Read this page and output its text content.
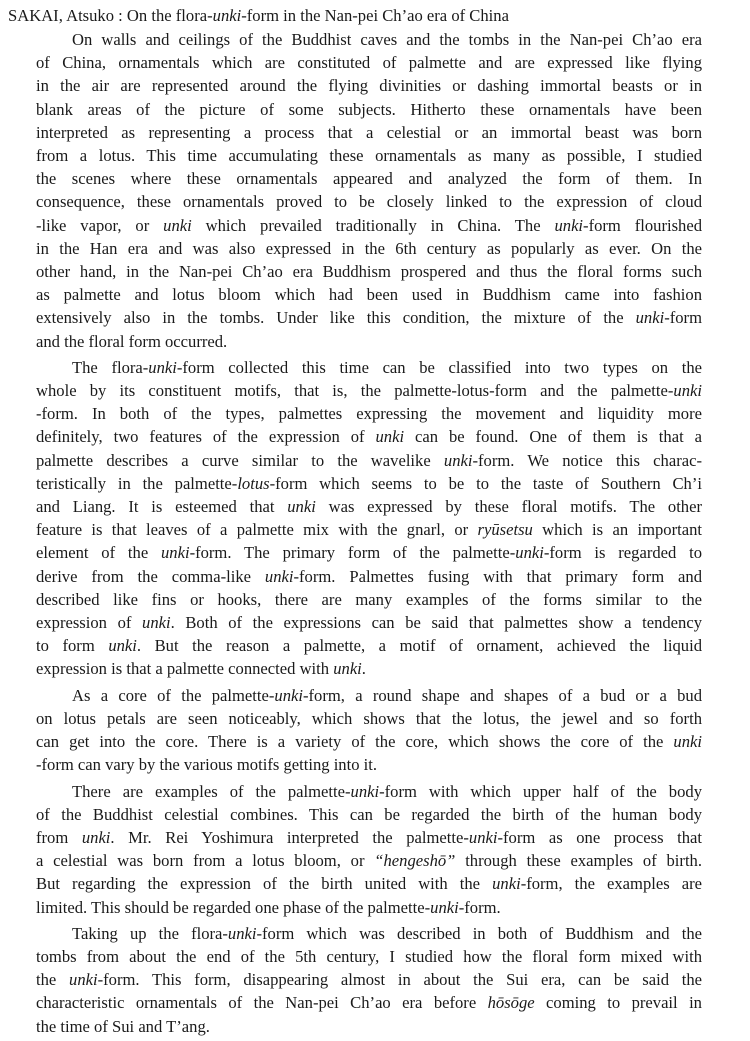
SAKAI, Atsuko : On the flora-unki-form in the Nan-pei Ch’ao era of China
On walls and ceilings of the Buddhist caves and the tombs in the Nan-pei Ch’ao era
of China, ornamentals which are constituted of palmette and are expressed like flying
in the air are represented around the flying divinities or dashing immortal beasts or in
blank areas of the picture of some subjects. Hitherto these ornamentals have been
interpreted as representing a process that a celestial or an immortal beast was born
from a lotus. This time accumulating these ornamentals as many as possible, I studied
the scenes where these ornamentals appeared and analyzed the form of them. In
consequence, these ornamentals proved to be closely linked to the expression of cloud
-like vapor, or unki which prevailed traditionally in China. The unki-form flourished
in the Han era and was also expressed in the 6th century as popularly as ever. On the
other hand, in the Nan-pei Ch’ao era Buddhism prospered and thus the floral forms such
as palmette and lotus bloom which had been used in Buddhism came into fashion
extensively also in the tombs. Under like this condition, the mixture of the unki-form
and the floral form occurred.
The flora-unki-form collected this time can be classified into two types on the
whole by its constituent motifs, that is, the palmette-lotus-form and the palmette-unki
-form. In both of the types, palmettes expressing the movement and liquidity more
definitely, two features of the expression of unki can be found. One of them is that a
palmette describes a curve similar to the wavelike unki-form. We notice this charac-
teristically in the palmette-lotus-form which seems to be to the taste of Southern Ch’i
and Liang. It is esteemed that unki was expressed by these floral motifs. The other
feature is that leaves of a palmette mix with the gnarl, or ryūsetsu which is an important
element of the unki-form. The primary form of the palmette-unki-form is regarded to
derive from the comma-like unki-form. Palmettes fusing with that primary form and
described like fins or hooks, there are many examples of the forms similar to the
expression of unki. Both of the expressions can be said that palmettes show a tendency
to form unki. But the reason a palmette, a motif of ornament, achieved the liquid
expression is that a palmette connected with unki.
As a core of the palmette-unki-form, a round shape and shapes of a bud or a bud
on lotus petals are seen noticeably, which shows that the lotus, the jewel and so forth
can get into the core. There is a variety of the core, which shows the core of the unki
-form can vary by the various motifs getting into it.
There are examples of the palmette-unki-form with which upper half of the body
of the Buddhist celestial combines. This can be regarded the birth of the human body
from unki. Mr. Rei Yoshimura interpreted the palmette-unki-form as one process that
a celestial was born from a lotus bloom, or “hengeshō” through these examples of birth.
But regarding the expression of the birth united with the unki-form, the examples are
limited. This should be regarded one phase of the palmette-unki-form.
Taking up the flora-unki-form which was described in both of Buddhism and the
tombs from about the end of the 5th century, I studied how the floral form mixed with
the unki-form. This form, disappearing almost in about the Sui era, can be said the
characteristic ornamentals of the Nan-pei Ch’ao era before hōsōge coming to prevail in
the time of Sui and T’ang.
